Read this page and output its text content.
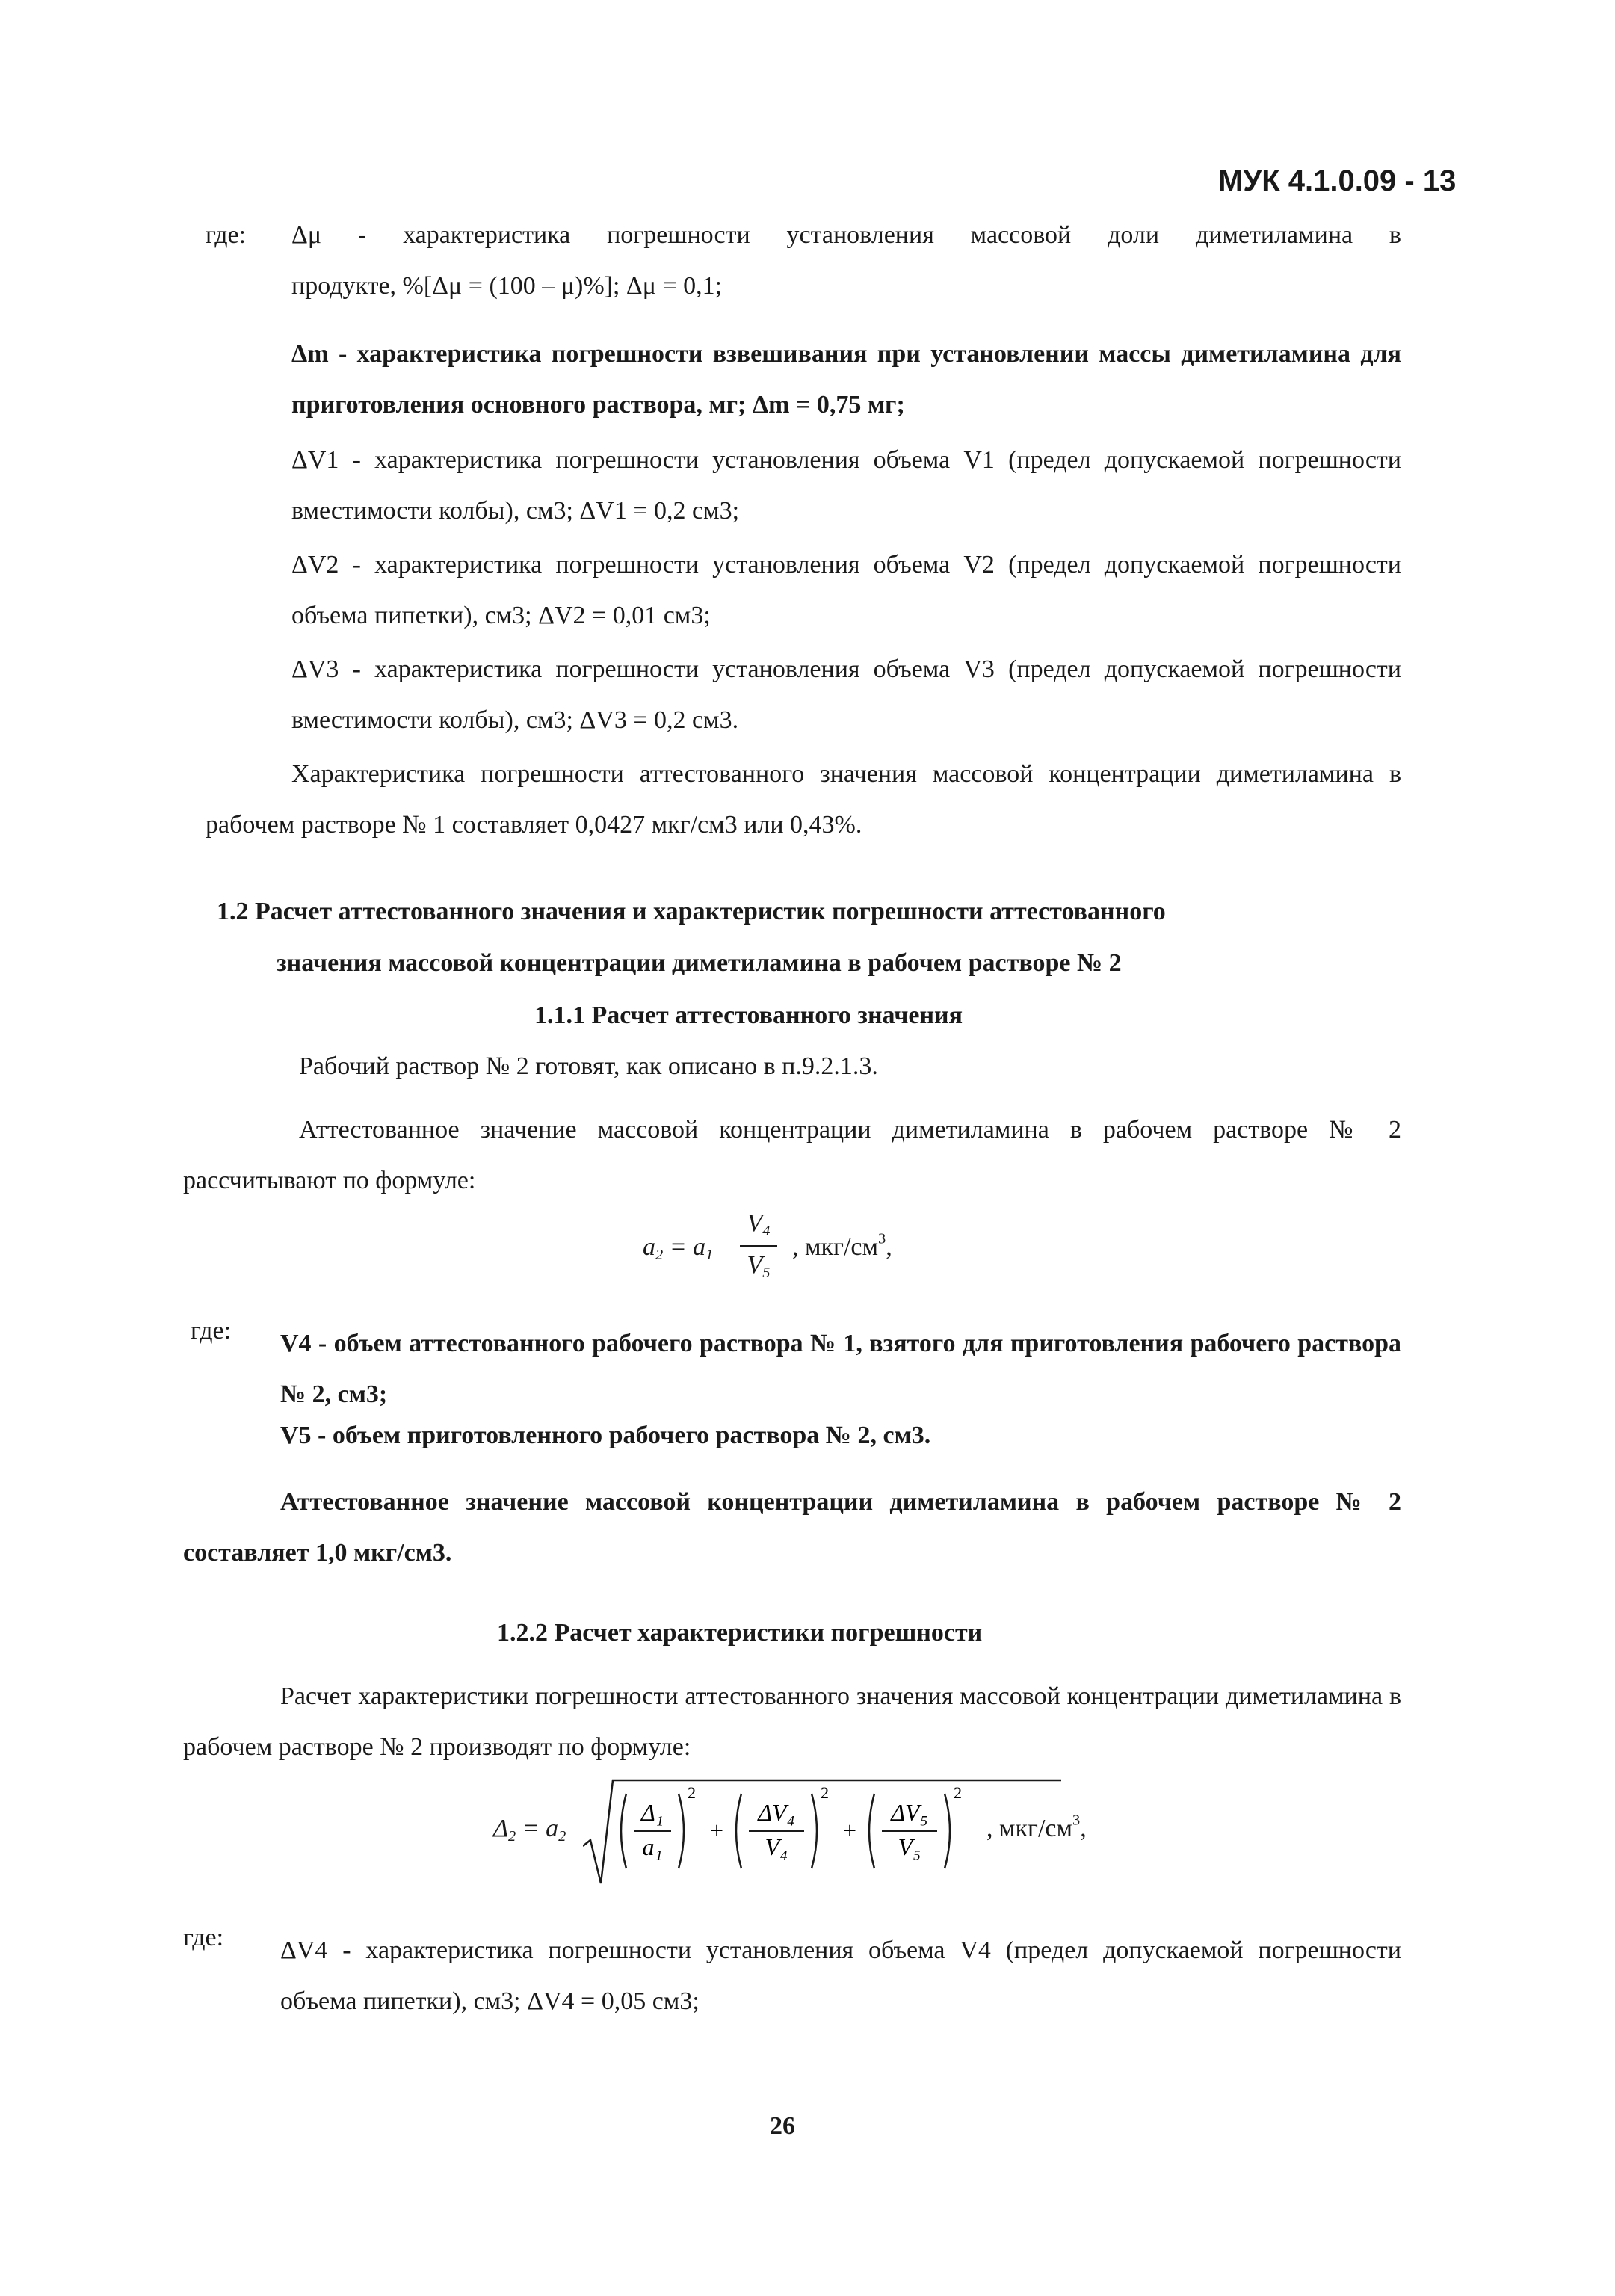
МУК 4.1.0.09 - 13
где: Δμ - характеристика погрешности установления массовой доли диметиламина в
продукте, %[Δμ = (100 – μ)%]; Δμ = 0,1;
Δm - характеристика погрешности взвешивания при установлении массы диметиламина для приготовления основного раствора, мг; Δm = 0,75 мг;
ΔV1 - характеристика погрешности установления объема V1 (предел допускаемой погрешности вместимости колбы), см3; ΔV1 = 0,2 см3;
ΔV2 - характеристика погрешности установления объема V2 (предел допускаемой погрешности объема пипетки), см3; ΔV2 = 0,01 см3;
ΔV3 - характеристика погрешности установления объема V3 (предел допускаемой погрешности вместимости колбы), см3; ΔV3 = 0,2 см3.
Характеристика погрешности аттестованного значения массовой концентрации диметиламина в рабочем растворе № 1 составляет 0,0427 мкг/см3 или 0,43%.
1.2 Расчет аттестованного значения и характеристик погрешности аттестованного
значения массовой концентрации диметиламина в рабочем растворе № 2
1.1.1 Расчет аттестованного значения
Рабочий раствор № 2 готовят, как описано в п.9.2.1.3.
Аттестованное значение массовой концентрации диметиламина в рабочем растворе № 2 рассчитывают по формуле:
$a_2 = a_1$
$V_4$
$V_5$
, мкг/$см^3$,
где: V4 - объем аттестованного рабочего раствора № 1, взятого для приготовления рабочего раствора № 2, см3;
V5 - объем приготовленного рабочего раствора № 2, см3.
Аттестованное значение массовой концентрации диметиламина в рабочем растворе № 2 составляет 1,0 мкг/см3.
1.2.2 Расчет характеристики погрешности
Расчет характеристики погрешности аттестованного значения массовой концентрации диметиламина в рабочем растворе № 2 производят по формуле:
$\Delta_2 = a_2$
Δ₁
a₁
2
+
ΔV₄
V₄
2
+
ΔV₅
V₅
2
, мкг/$см^3$,
где: ΔV4 - характеристика погрешности установления объема V4 (предел допускаемой погрешности объема пипетки), см3; ΔV4 = 0,05 см3;
26
